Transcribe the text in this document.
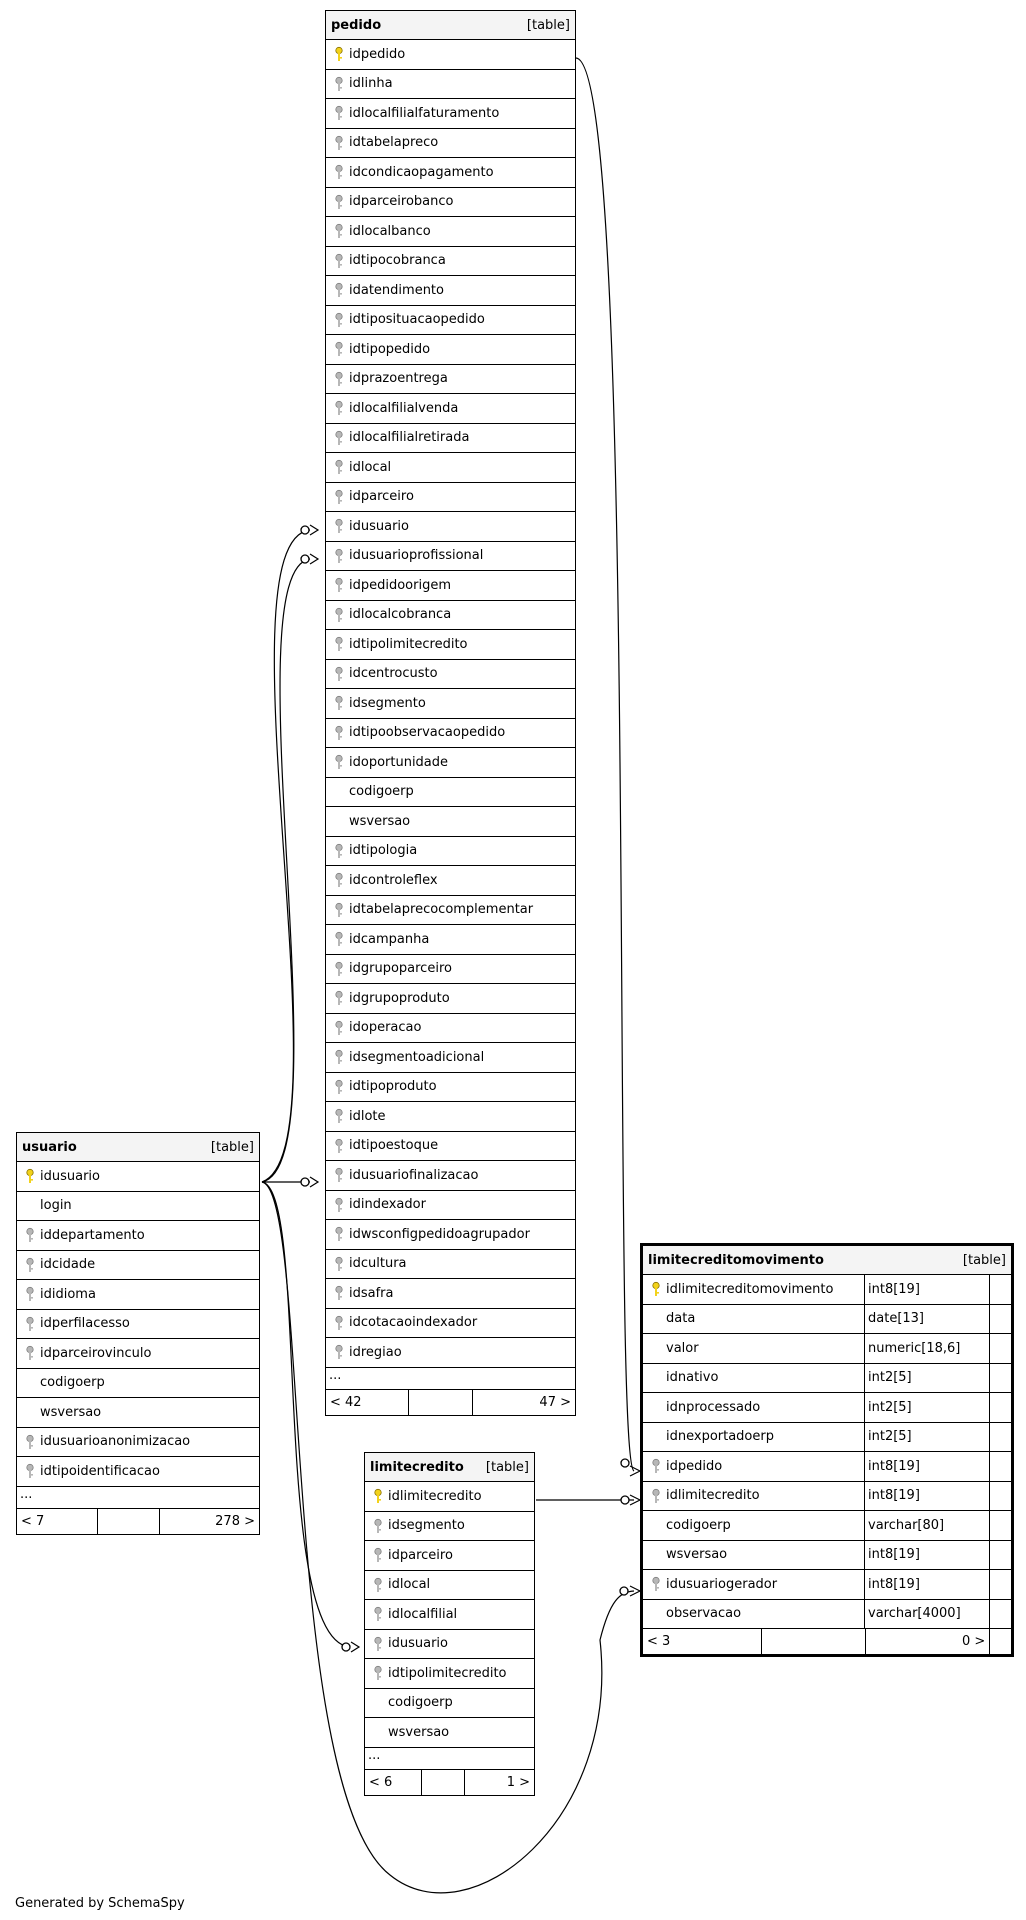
pedido	[table]
idpedido
idlinha
idlocalfilialfaturamento
idtabelapreco
idcondicaopagamento
idparceirobanco
idlocalbanco
idtipocobranca
idatendimento
idtiposituacaopedido
idtipopedido
idprazoentrega
idlocalfilialvenda
idlocalfilialretirada
idlocal
idparceiro
idusuario
idusuarioprofissional
idpedidoorigem
idlocalcobranca
idtipolimitecredito
idcentrocusto
idsegmento
idtipoobservacaopedido
idoportunidade
codigoerp
wsversao
idtipologia
idcontroleflex
idtabelaprecocomplementar
idcampanha
idgrupoparceiro
idgrupoproduto
idoperacao
idsegmentoadicional
idtipoproduto
idlote
idtipoestoque
idusuariofinalizacao
idindexador
idwsconfigpedidoagrupador
idcultura
idsafra
idcotacaoindexador
idregiao
...
< 42	47 >
usuario	[table]
idusuario
login
iddepartamento
idcidade
ididioma
idperfilacesso
idparceirovinculo
codigoerp
wsversao
idusuarioanonimizacao
idtipoidentificacao
...
< 7	278 >
limitecredito [table]
idlimitecredito
idsegmento
idparceiro
idlocal
idlocalfilial
idusuario
idtipolimitecredito
codigoerp
wsversao
...
< 6	1 >
limitecreditomovimento	[table]
idlimitecreditomovimento	int8[19]
data	date[13]
valor	numeric[18,6]
idnativo	int2[5]
idnprocessado	int2[5]
idnexportadoerp	int2[5]
idpedido	int8[19]
idlimitecredito	int8[19]
codigoerp	varchar[80]
wsversao	int8[19]
idusuariogerador	int8[19]
observacao	varchar[4000]
< 3	0 >
Generated by SchemaSpy
